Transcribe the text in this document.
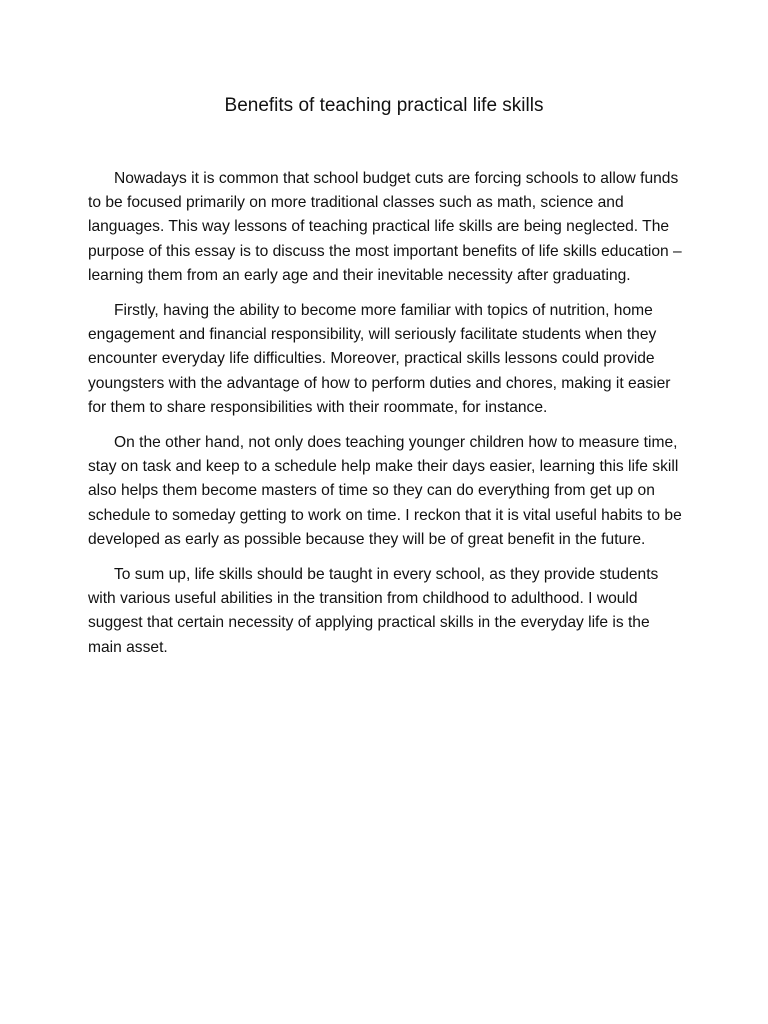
Benefits of teaching practical life skills

Nowadays it is common that school budget cuts are forcing schools to allow funds to be focused primarily on more traditional classes such as math, science and languages. This way lessons of teaching practical life skills are being neglected. The purpose of this essay is to discuss the most important benefits of life skills education – learning them from an early age and their inevitable necessity after graduating.

Firstly, having the ability to become more familiar with topics of nutrition, home engagement and financial responsibility, will seriously facilitate students when they encounter everyday life difficulties. Moreover, practical skills lessons could provide youngsters with the advantage of how to perform duties and chores, making it easier for them to share responsibilities with their roommate, for instance.

On the other hand, not only does teaching younger children how to measure time, stay on task and keep to a schedule help make their days easier, learning this life skill also helps them become masters of time so they can do everything from get up on schedule to someday getting to work on time. I reckon that it is vital useful habits to be developed as early as possible because they will be of great benefit in the future.

To sum up, life skills should be taught in every school, as they provide students with various useful abilities in the transition from childhood to adulthood. I would suggest that certain necessity of applying practical skills in the everyday life is the main asset.
